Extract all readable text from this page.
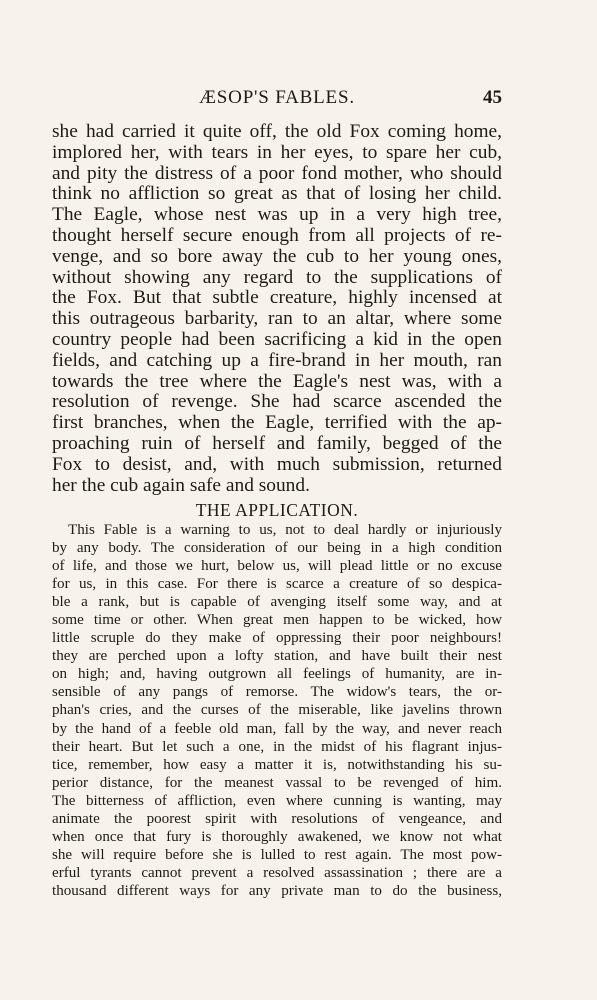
ÆSOP'S FABLES.	45
she had carried it quite off, the old Fox coming home,
implored her, with tears in her eyes, to spare her cub,
and pity the distress of a poor fond mother, who should
think no affliction so great as that of losing her child.
The Eagle, whose nest was up in a very high tree,
thought herself secure enough from all projects of re-
venge, and so bore away the cub to her young ones,
without showing any regard to the supplications of
the Fox. But that subtle creature, highly incensed at
this outrageous barbarity, ran to an altar, where some
country people had been sacrificing a kid in the open
fields, and catching up a fire-brand in her mouth, ran
towards the tree where the Eagle's nest was, with a
resolution of revenge. She had scarce ascended the
first branches, when the Eagle, terrified with the ap-
proaching ruin of herself and family, begged of the
Fox to desist, and, with much submission, returned
her the cub again safe and sound.
THE APPLICATION.
This Fable is a warning to us, not to deal hardly or injuriously
by any body. The consideration of our being in a high condition
of life, and those we hurt, below us, will plead little or no excuse
for us, in this case. For there is scarce a creature of so despica-
ble a rank, but is capable of avenging itself some way, and at
some time or other. When great men happen to be wicked, how
little scruple do they make of oppressing their poor neighbours!
they are perched upon a lofty station, and have built their nest
on high; and, having outgrown all feelings of humanity, are in-
sensible of any pangs of remorse. The widow's tears, the or-
phan's cries, and the curses of the miserable, like javelins thrown
by the hand of a feeble old man, fall by the way, and never reach
their heart. But let such a one, in the midst of his flagrant injus-
tice, remember, how easy a matter it is, notwithstanding his su-
perior distance, for the meanest vassal to be revenged of him.
The bitterness of affliction, even where cunning is wanting, may
animate the poorest spirit with resolutions of vengeance, and
when once that fury is thoroughly awakened, we know not what
she will require before she is lulled to rest again. The most pow-
erful tyrants cannot prevent a resolved assassination ; there are a
thousand different ways for any private man to do the business,
